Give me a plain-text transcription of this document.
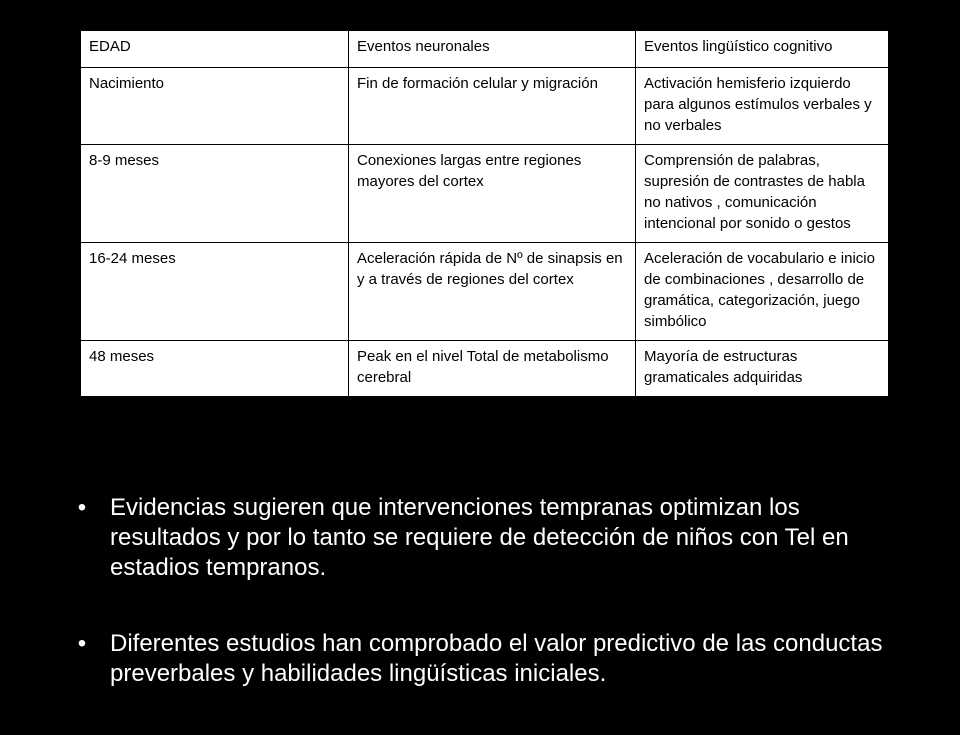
EDAD	Eventos neuronales	Eventos lingüístico cognitivo
Nacimiento	Fin de formación celular y migración	Activación hemisferio izquierdo para algunos estímulos verbales y no verbales
8-9 meses	Conexiones largas entre regiones mayores del cortex	Comprensión de palabras, supresión de contrastes de habla no nativos , comunicación intencional por sonido o gestos
16-24 meses	Aceleración rápida de Nº de sinapsis en y a través de regiones del cortex	Aceleración de vocabulario e inicio de combinaciones , desarrollo de gramática, categorización, juego simbólico
48 meses	Peak en el nivel Total de metabolismo cerebral	Mayoría de estructuras gramaticales adquiridas
• Evidencias sugieren que intervenciones tempranas optimizan los resultados y por lo tanto se requiere de detección de niños con Tel en estadios tempranos.
• Diferentes estudios han comprobado el valor predictivo de las conductas preverbales y habilidades lingüísticas iniciales.
